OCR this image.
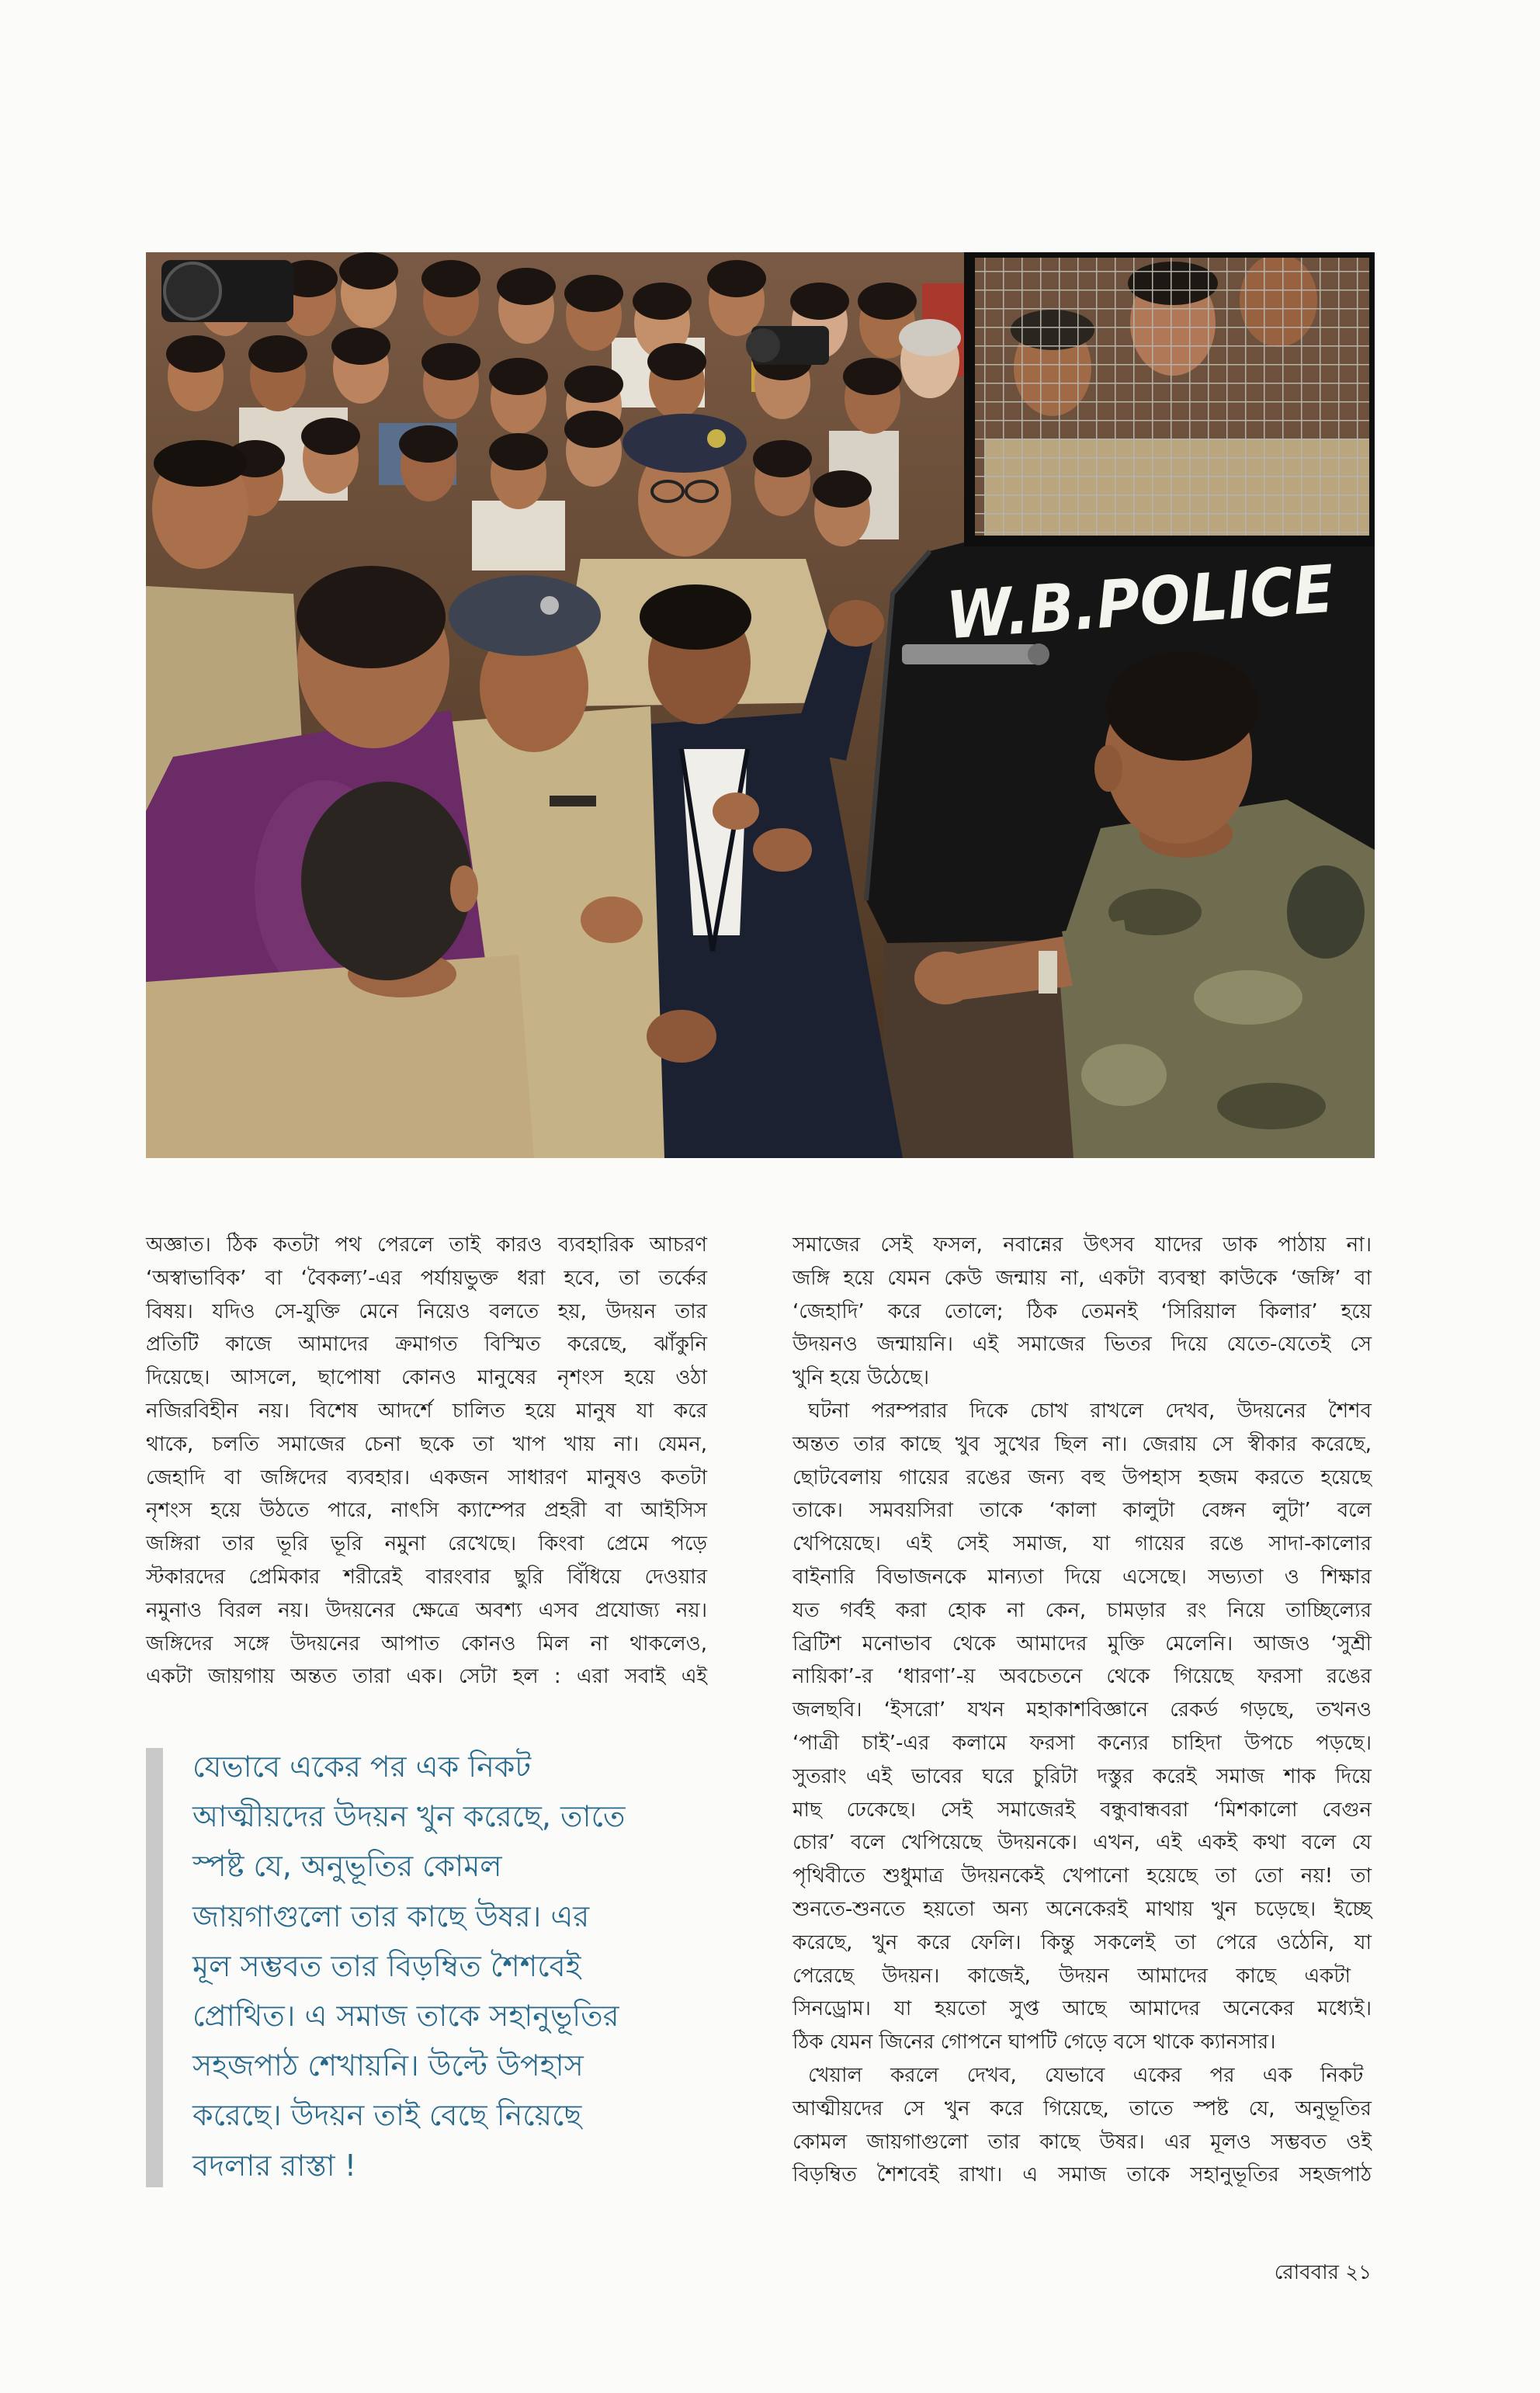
W.B.POLICE
অজ্ঞাত। ঠিক কতটা পথ পেরলে তাই কারও ব্যবহারিক আচরণ
‘অস্বাভাবিক’ বা ‘বৈকল্য’-এর পর্যায়ভুক্ত ধরা হবে, তা তর্কের
বিষয়। যদিও সে-যুক্তি মেনে নিয়েও বলতে হয়, উদয়ন তার
প্রতিটি কাজে আমাদের ক্রমাগত বিস্মিত করেছে, ঝাঁকুনি
দিয়েছে। আসলে, ছাপোষা কোনও মানুষের নৃশংস হয়ে ওঠা
নজিরবিহীন নয়। বিশেষ আদর্শে চালিত হয়ে মানুষ যা করে
থাকে, চলতি সমাজের চেনা ছকে তা খাপ খায় না। যেমন,
জেহাদি বা জঙ্গিদের ব্যবহার। একজন সাধারণ মানুষও কতটা
নৃশংস হয়ে উঠতে পারে, নাৎসি ক্যাম্পের প্রহরী বা আইসিস
জঙ্গিরা তার ভূরি ভূরি নমুনা রেখেছে। কিংবা প্রেমে পড়ে
স্টকারদের প্রেমিকার শরীরেই বারংবার ছুরি বিঁধিয়ে দেওয়ার
নমুনাও বিরল নয়। উদয়নের ক্ষেত্রে অবশ্য এসব প্রযোজ্য নয়।
জঙ্গিদের সঙ্গে উদয়নের আপাত কোনও মিল না থাকলেও,
একটা জায়গায় অন্তত তারা এক। সেটা হল : এরা সবাই এই
যেভাবে একের পর এক নিকট
আত্মীয়দের উদয়ন খুন করেছে, তাতে
স্পষ্ট যে, অনুভূতির কোমল
জায়গাগুলো তার কাছে উষর। এর
মূল সম্ভবত তার বিড়ম্বিত শৈশবেই
প্রোথিত। এ সমাজ তাকে সহানুভূতির
সহজপাঠ শেখায়নি। উল্টে উপহাস
করেছে। উদয়ন তাই বেছে নিয়েছে
বদলার রাস্তা !
সমাজের সেই ফসল, নবান্নের উৎসব যাদের ডাক পাঠায় না।
জঙ্গি হয়ে যেমন কেউ জন্মায় না, একটা ব্যবস্থা কাউকে ‘জঙ্গি’ বা
‘জেহাদি’ করে তোলে; ঠিক তেমনই ‘সিরিয়াল কিলার’ হয়ে
উদয়নও জন্মায়নি। এই সমাজের ভিতর দিয়ে যেতে-যেতেই সে
খুনি হয়ে উঠেছে।
ঘটনা পরম্পরার দিকে চোখ রাখলে দেখব, উদয়নের শৈশব
অন্তত তার কাছে খুব সুখের ছিল না। জেরায় সে স্বীকার করেছে,
ছোটবেলায় গায়ের রঙের জন্য বহু উপহাস হজম করতে হয়েছে
তাকে। সমবয়সিরা তাকে ‘কালা কালুটা বেঙ্গন লুটা’ বলে
খেপিয়েছে। এই সেই সমাজ, যা গায়ের রঙে সাদা-কালোর
বাইনারি বিভাজনকে মান্যতা দিয়ে এসেছে। সভ্যতা ও শিক্ষার
যত গর্বই করা হোক না কেন, চামড়ার রং নিয়ে তাচ্ছিল্যের
ব্রিটিশ মনোভাব থেকে আমাদের মুক্তি মেলেনি। আজও ‘সুশ্রী
নায়িকা’-র ‘ধারণা’-য় অবচেতনে থেকে গিয়েছে ফরসা রঙের
জলছবি। ‘ইসরো’ যখন মহাকাশবিজ্ঞানে রেকর্ড গড়ছে, তখনও
‘পাত্রী চাই’-এর কলামে ফরসা কন্যের চাহিদা উপচে পড়ছে।
সুতরাং এই ভাবের ঘরে চুরিটা দস্তুর করেই সমাজ শাক দিয়ে
মাছ ঢেকেছে। সেই সমাজেরই বন্ধুবান্ধবরা ‘মিশকালো বেগুন
চোর’ বলে খেপিয়েছে উদয়নকে। এখন, এই একই কথা বলে যে
পৃথিবীতে শুধুমাত্র উদয়নকেই খেপানো হয়েছে তা তো নয়! তা
শুনতে-শুনতে হয়তো অন্য অনেকেরই মাথায় খুন চড়েছে। ইচ্ছে
করেছে, খুন করে ফেলি। কিন্তু সকলেই তা পেরে ওঠেনি, যা
পেরেছে উদয়ন। কাজেই, উদয়ন আমাদের কাছে একটা
সিনড্রোম। যা হয়তো সুপ্ত আছে আমাদের অনেকের মধ্যেই।
ঠিক যেমন জিনের গোপনে ঘাপটি গেড়ে বসে থাকে ক্যানসার।
খেয়াল করলে দেখব, যেভাবে একের পর এক নিকট
আত্মীয়দের সে খুন করে গিয়েছে, তাতে স্পষ্ট যে, অনুভূতির
কোমল জায়গাগুলো তার কাছে উষর। এর মূলও সম্ভবত ওই
বিড়ম্বিত শৈশবেই রাখা। এ সমাজ তাকে সহানুভূতির সহজপাঠ
রোববার ২১
